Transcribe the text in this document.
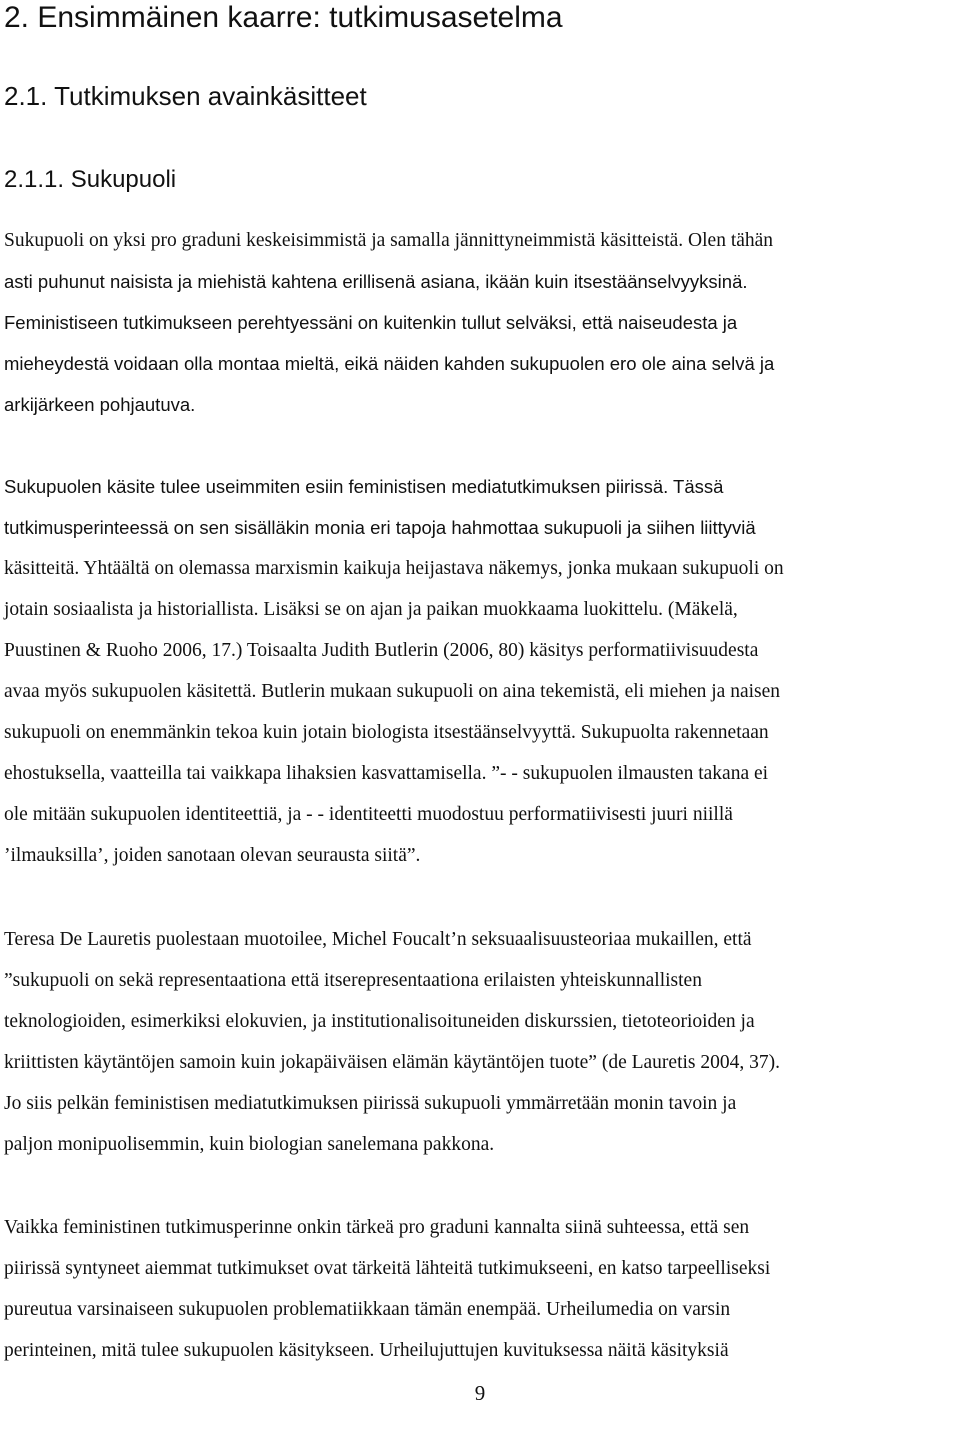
2. Ensimmäinen kaarre: tutkimusasetelma
2.1. Tutkimuksen avainkäsitteet
2.1.1. Sukupuoli
Sukupuoli on yksi pro graduni keskeisimmistä ja samalla jännittyneimmistä käsitteistä. Olen tähän
asti puhunut naisista ja miehistä kahtena erillisenä asiana, ikään kuin itsestäänselvyyksinä.
Feministiseen tutkimukseen perehtyessäni on kuitenkin tullut selväksi, että naiseudesta ja
mieheydestä voidaan olla montaa mieltä, eikä näiden kahden sukupuolen ero ole aina selvä ja
arkijärkeen pohjautuva.
Sukupuolen käsite tulee useimmiten esiin feministisen mediatutkimuksen piirissä. Tässä
tutkimusperinteessä on sen sisälläkin monia eri tapoja hahmottaa sukupuoli ja siihen liittyviä
käsitteitä. Yhtäältä on olemassa marxismin kaikuja heijastava näkemys, jonka mukaan sukupuoli on
jotain sosiaalista ja historiallista. Lisäksi se on ajan ja paikan muokkaama luokittelu. (Mäkelä,
Puustinen & Ruoho 2006, 17.) Toisaalta Judith Butlerin (2006, 80) käsitys performatiivisuudesta
avaa myös sukupuolen käsitettä. Butlerin mukaan sukupuoli on aina tekemistä, eli miehen ja naisen
sukupuoli on enemmänkin tekoa kuin jotain biologista itsestäänselvyyttä. Sukupuolta rakennetaan
ehostuksella, vaatteilla tai vaikkapa lihaksien kasvattamisella. ”- - sukupuolen ilmausten takana ei
ole mitään sukupuolen identiteettiä, ja - - identiteetti muodostuu performatiivisesti juuri niillä
’ilmauksilla’, joiden sanotaan olevan seurausta siitä”.
Teresa De Lauretis puolestaan muotoilee, Michel Foucalt’n seksuaalisuusteoriaa mukaillen, että
”sukupuoli on sekä representaationa että itserepresentaationa erilaisten yhteiskunnallisten
teknologioiden, esimerkiksi elokuvien, ja institutionalisoituneiden diskurssien, tietoteorioiden ja
kriittisten käytäntöjen samoin kuin jokapäiväisen elämän käytäntöjen tuote” (de Lauretis 2004, 37).
Jo siis pelkän feministisen mediatutkimuksen piirissä sukupuoli ymmärretään monin tavoin ja
paljon monipuolisemmin, kuin biologian sanelemana pakkona.
Vaikka feministinen tutkimusperinne onkin tärkeä pro graduni kannalta siinä suhteessa, että sen
piirissä syntyneet aiemmat tutkimukset ovat tärkeitä lähteitä tutkimukseeni, en katso tarpeelliseksi
pureutua varsinaiseen sukupuolen problematiikkaan tämän enempää. Urheilumedia on varsin
perinteinen, mitä tulee sukupuolen käsitykseen. Urheilujuttujen kuvituksessa näitä käsityksiä
9
